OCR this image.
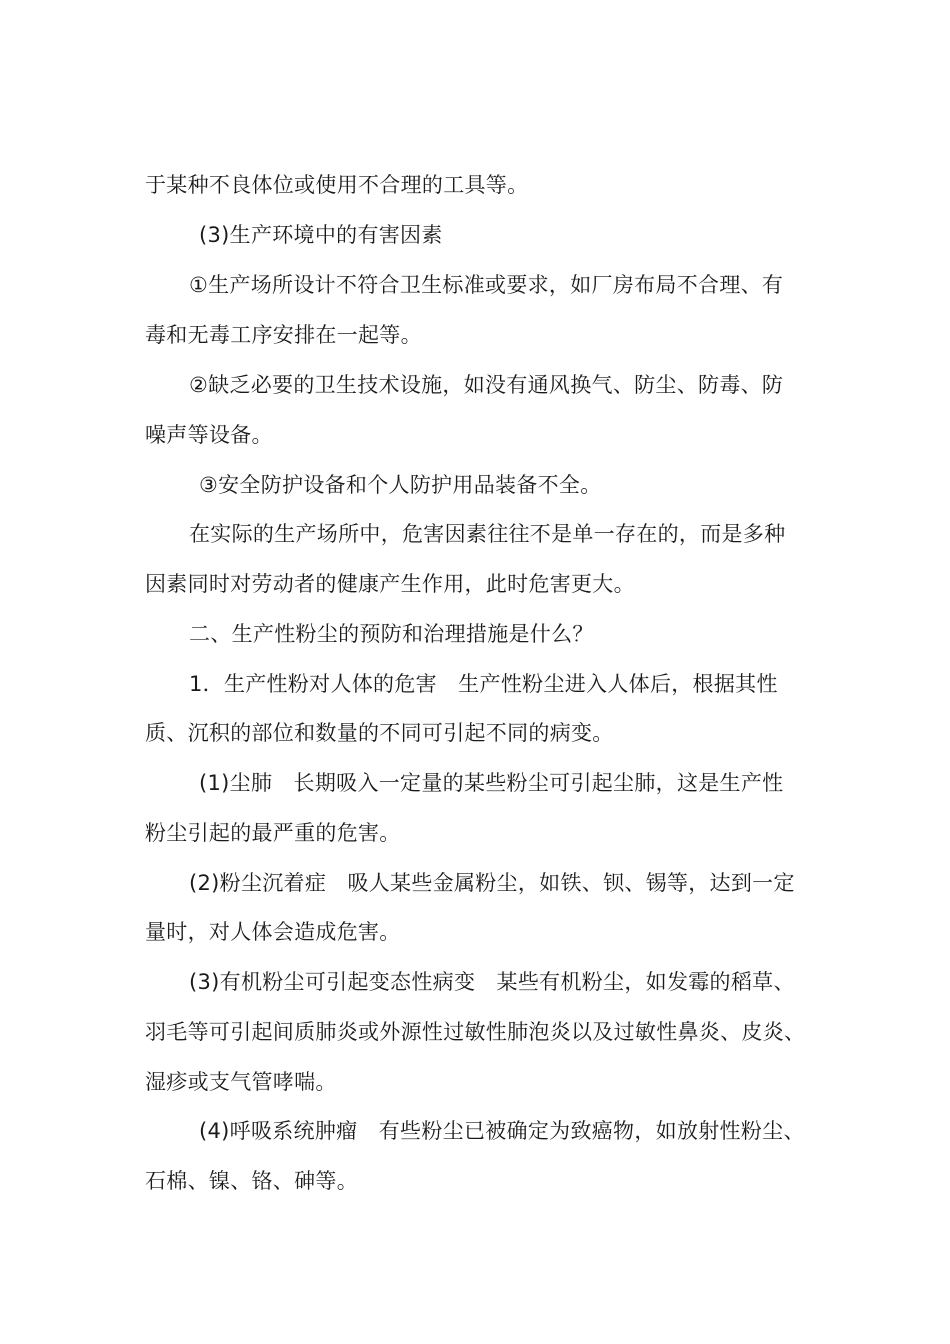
于某种不良体位或使用不合理的工具等。
(3)生产环境中的有害因素
①生产场所设计不符合卫生标准或要求，如厂房布局不合理、有
毒和无毒工序安排在一起等。
②缺乏必要的卫生技术设施，如没有通风换气、防尘、防毒、防
噪声等设备。
③安全防护设备和个人防护用品装备不全。
在实际的生产场所中，危害因素往往不是单一存在的，而是多种
因素同时对劳动者的健康产生作用，此时危害更大。
二、生产性粉尘的预防和治理措施是什么？
1．生产性粉对人体的危害　生产性粉尘进入人体后，根据其性
质、沉积的部位和数量的不同可引起不同的病变。
(1)尘肺　长期吸入一定量的某些粉尘可引起尘肺，这是生产性
粉尘引起的最严重的危害。
(2)粉尘沉着症　吸人某些金属粉尘，如铁、钡、锡等，达到一定
量时，对人体会造成危害。
(3)有机粉尘可引起变态性病变　某些有机粉尘，如发霉的稻草、
羽毛等可引起间质肺炎或外源性过敏性肺泡炎以及过敏性鼻炎、皮炎、
湿疹或支气管哮喘。
(4)呼吸系统肿瘤　有些粉尘已被确定为致癌物，如放射性粉尘、
石棉、镍、铬、砷等。
